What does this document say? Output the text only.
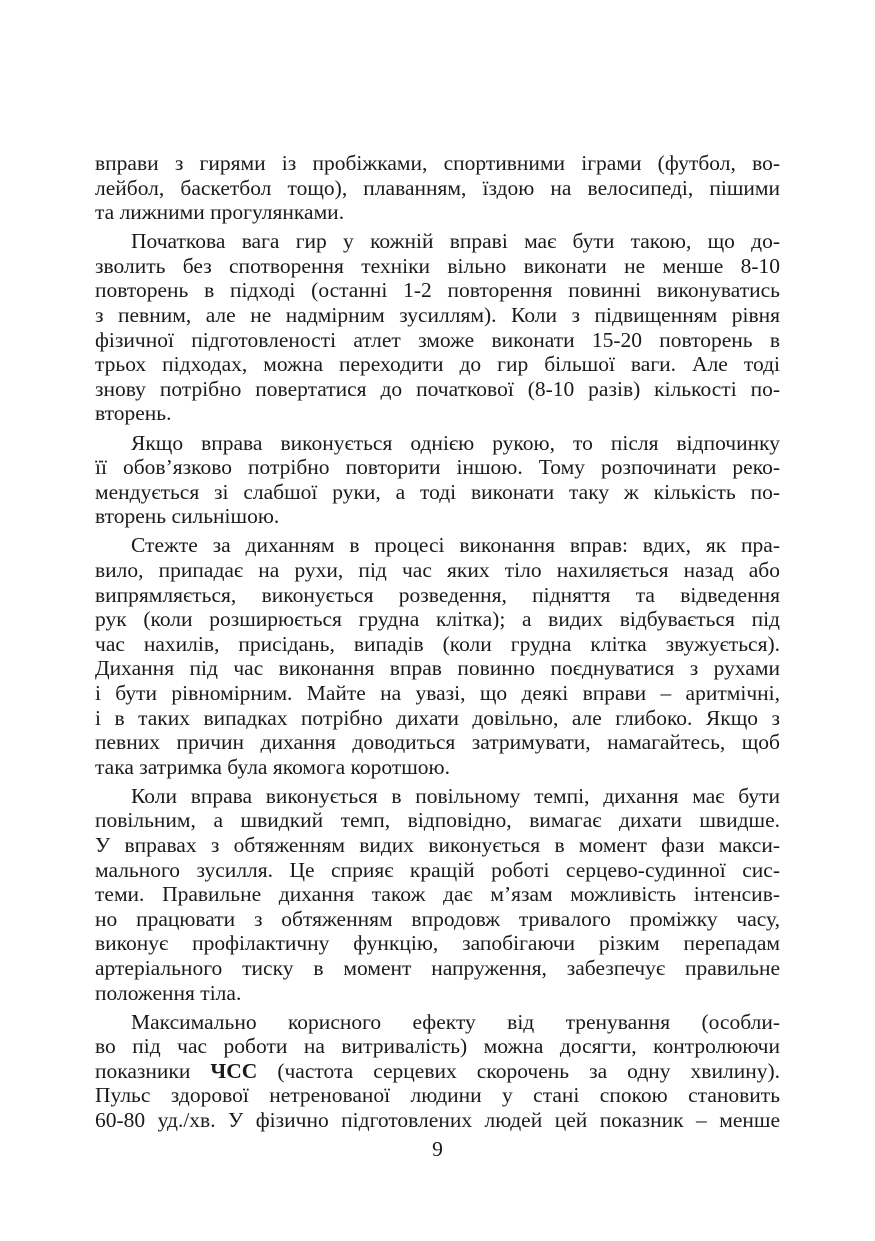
вправи з гирями із пробіжками, спортивними іграми (футбол, во-
лейбол, баскетбол тощо), плаванням, їздою на велосипеді, пішими
та лижними прогулянками.
Початкова вага гир у кожній вправі має бути такою, що до-
зволить без спотворення техніки вільно виконати не менше 8-10
повторень в підході (останні 1-2 повторення повинні виконуватись
з певним, але не надмірним зусиллям). Коли з підвищенням рівня
фізичної підготовленості атлет зможе виконати 15-20 повторень в
трьох підходах, можна переходити до гир більшої ваги. Але тоді
знову потрібно повертатися до початкової (8-10 разів) кількості по-
вторень.
Якщо вправа виконується однією рукою, то після відпочинку
її обов’язково потрібно повторити іншою. Тому розпочинати реко-
мендується зі слабшої руки, а тоді виконати таку ж кількість по-
вторень сильнішою.
Стежте за диханням в процесі виконання вправ: вдих, як пра-
вило, припадає на рухи, під час яких тіло нахиляється назад або
випрямляється, виконується розведення, підняття та відведення
рук (коли розширюється грудна клітка); а видих відбувається під
час нахилів, присідань, випадів (коли грудна клітка звужується).
Дихання під час виконання вправ повинно поєднуватися з рухами
і бути рівномірним. Майте на увазі, що деякі вправи – аритмічні,
і в таких випадках потрібно дихати довільно, але глибоко. Якщо з
певних причин дихання доводиться затримувати, намагайтесь, щоб
така затримка була якомога коротшою.
Коли вправа виконується в повільному темпі, дихання має бути
повільним, а швидкий темп, відповідно, вимагає дихати швидше.
У вправах з обтяженням видих виконується в момент фази макси-
мального зусилля. Це сприяє кращій роботі серцево-судинної сис-
теми. Правильне дихання також дає м’язам можливість інтенсив-
но працювати з обтяженням впродовж тривалого проміжку часу,
виконує профілактичну функцію, запобігаючи різким перепадам
артеріального тиску в момент напруження, забезпечує правильне
положення тіла.
Максимально корисного ефекту від тренування (особли-
во під час роботи на витривалість) можна досягти, контролюючи
показники ЧСС (частота серцевих скорочень за одну хвилину).
Пульс здорової нетренованої людини у стані спокою становить
60-80 уд./хв. У фізично підготовлених людей цей показник – менше
9
